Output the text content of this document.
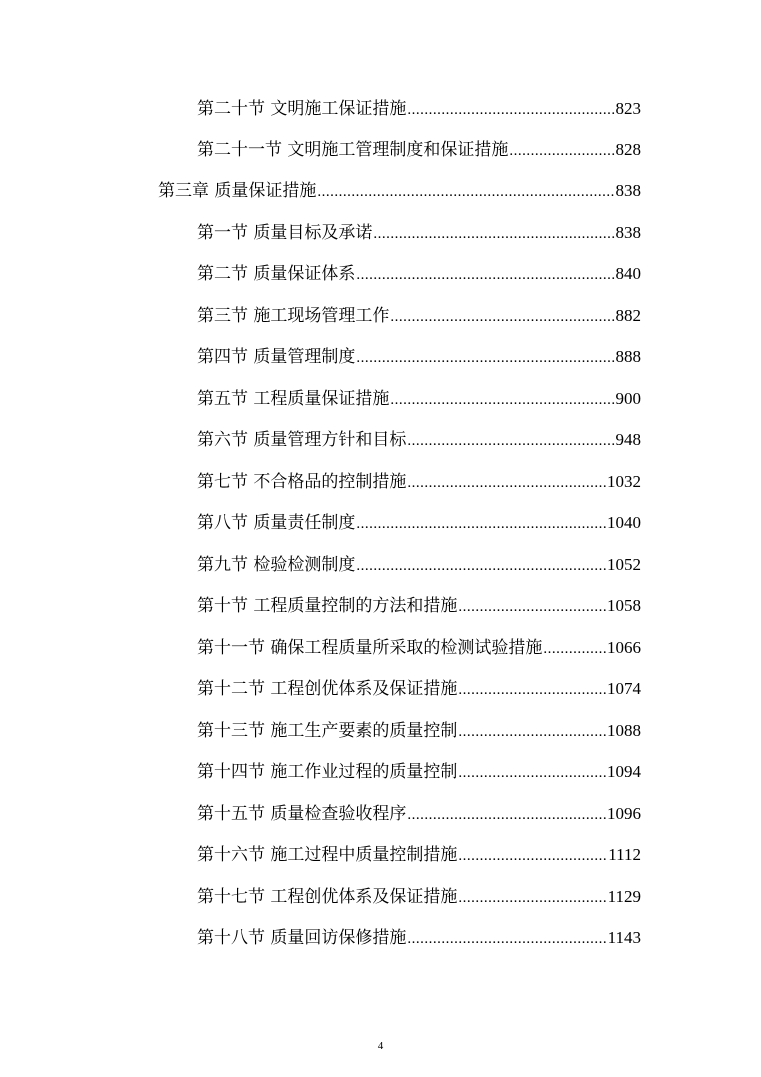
第二十节 文明施工保证措施 .....	823
第二十一节 文明施工管理制度和保证措施 .....	828
第三章 质量保证措施 .....	838
第一节 质量目标及承诺 .....	838
第二节 质量保证体系 .....	840
第三节 施工现场管理工作 .....	882
第四节 质量管理制度 .....	888
第五节 工程质量保证措施 .....	900
第六节 质量管理方针和目标 .....	948
第七节 不合格品的控制措施 .....	1032
第八节 质量责任制度 .....	1040
第九节 检验检测制度 .....	1052
第十节 工程质量控制的方法和措施 .....	1058
第十一节 确保工程质量所采取的检测试验措施 .....	1066
第十二节 工程创优体系及保证措施 .....	1074
第十三节 施工生产要素的质量控制 .....	1088
第十四节 施工作业过程的质量控制 .....	1094
第十五节 质量检查验收程序 .....	1096
第十六节 施工过程中质量控制措施 .....	1112
第十七节 工程创优体系及保证措施 .....	1129
第十八节 质量回访保修措施 .....	1143
4
